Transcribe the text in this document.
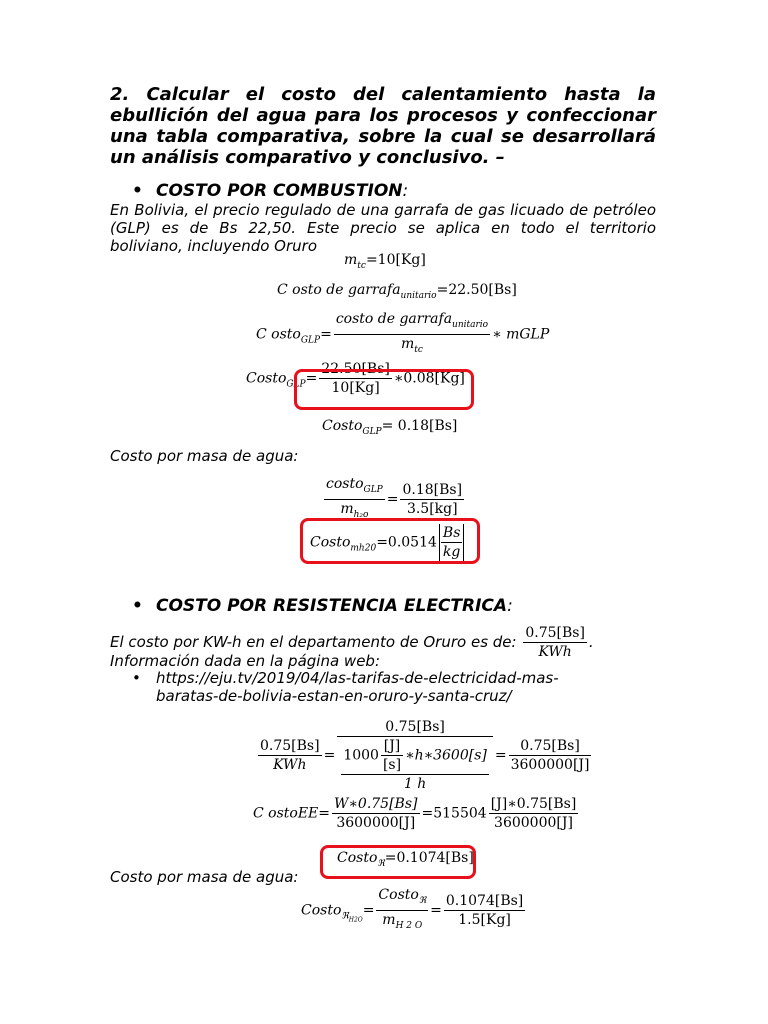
2. Calcular el costo del calentamiento hasta la ebullición del agua para los procesos y confeccionar una tabla comparativa, sobre la cual se desarrollará un análisis comparativo y conclusivo. –

• COSTO POR COMBUSTION:

En Bolivia, el precio regulado de una garrafa de gas licuado de petróleo (GLP) es de Bs 22,50. Este precio se aplica en todo el territorio boliviano, incluyendo Oruro

$m_{tc}=10[Kg]$
C osto de garrafa$_{unitario}$=22.50[Bs]
C osto$_{GLP}$= $\frac{costo de garrafa_{unitario}}{m_{tc}}$ ∗ mGLP
Costo$_{GLP}$= $\frac{22.50[Bs]}{10[Kg]}$ ∗0.08[Kg]
Costo$_{GLP}$= 0.18[Bs]
Costo por masa de agua:
$\frac{costo_{GLP}}{m_{h_2o}} = \frac{0.18[Bs]}{3.5[kg]}$
Costo$_{mh20}$=0.0514 $\frac{Bs}{kg}$
• COSTO POR RESISTENCIA ELECTRICA:
El costo por KW-h en el departamento de Oruro es de: $\frac{0.75[Bs]}{\text{KWh}}$ .
Información dada en la página web:
• https://eju.tv/2019/04/las-tarifas-de-electricidad-mas-
baratas-de-bolivia-estan-en-oruro-y-santa-cruz/
$\frac{0.75[Bs]}{\text{KWh}} = \frac{0.75[Bs]}{\frac{1000 \frac{[J]}{[s]} ∗h∗3600[s]}{1 h}} = \frac{0.75[Bs]}{3600000[J]}$
C ostoEE= $\frac{W∗0.75[Bs]}{3600000[J]} =515504 \frac{[J]∗0.75[Bs]}{3600000[J]}$
Costo$_ℜ$=0.1074[Bs]
Costo por masa de agua:
Costo$_{ℜH2O}$= $\frac{Costo_ℜ}{m_{H 2 O}} = \frac{0.1074[Bs]}{1.5[Kg]}$
